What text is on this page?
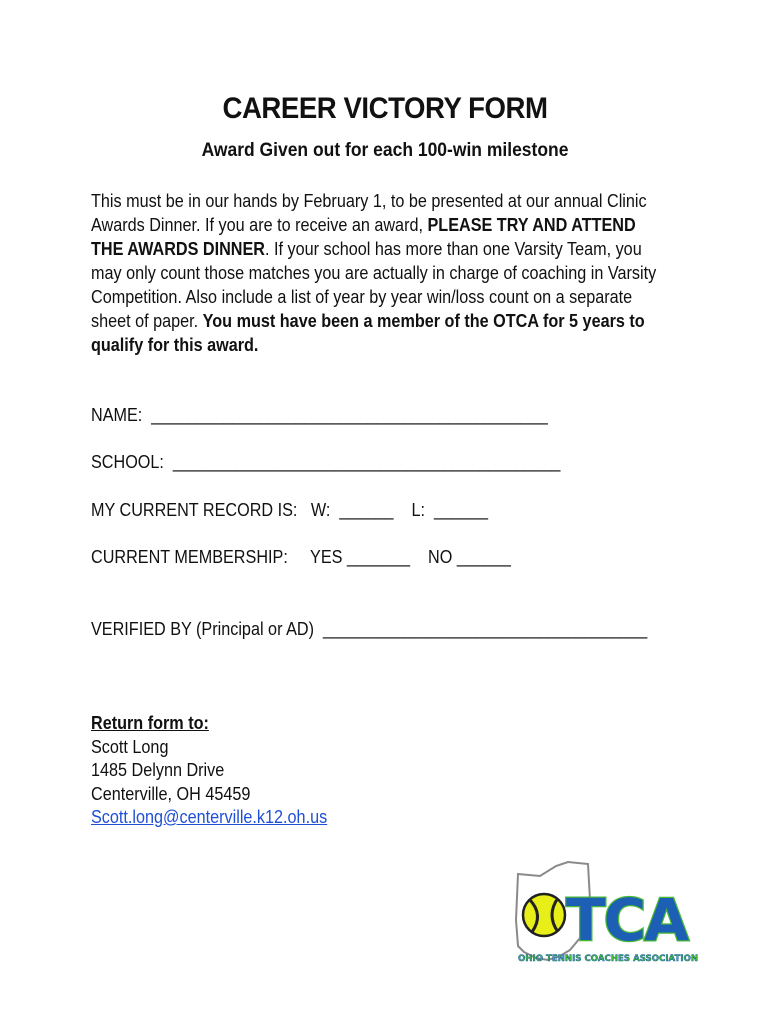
CAREER VICTORY FORM
Award Given out for each 100-win milestone
This must be in our hands by February 1, to be presented at our annual Clinic Awards Dinner. If you are to receive an award, PLEASE TRY AND ATTEND THE AWARDS DINNER. If your school has more than one Varsity Team, you may only count those matches you are actually in charge of coaching in Varsity Competition. Also include a list of year by year win/loss count on a separate sheet of paper. You must have been a member of the OTCA for 5 years to qualify for this award.
NAME:  ____________________________________________
SCHOOL:  ___________________________________________
MY CURRENT RECORD IS:   W:  ______    L:  ______
CURRENT MEMBERSHIP:     YES _______    NO ______
VERIFIED BY (Principal or AD)  ____________________________________
Return form to:
Scott Long
1485 Delynn Drive
Centerville, OH 45459
Scott.long@centerville.k12.oh.us
TCA
OHIO TENNIS COACHES ASSOCIATION
